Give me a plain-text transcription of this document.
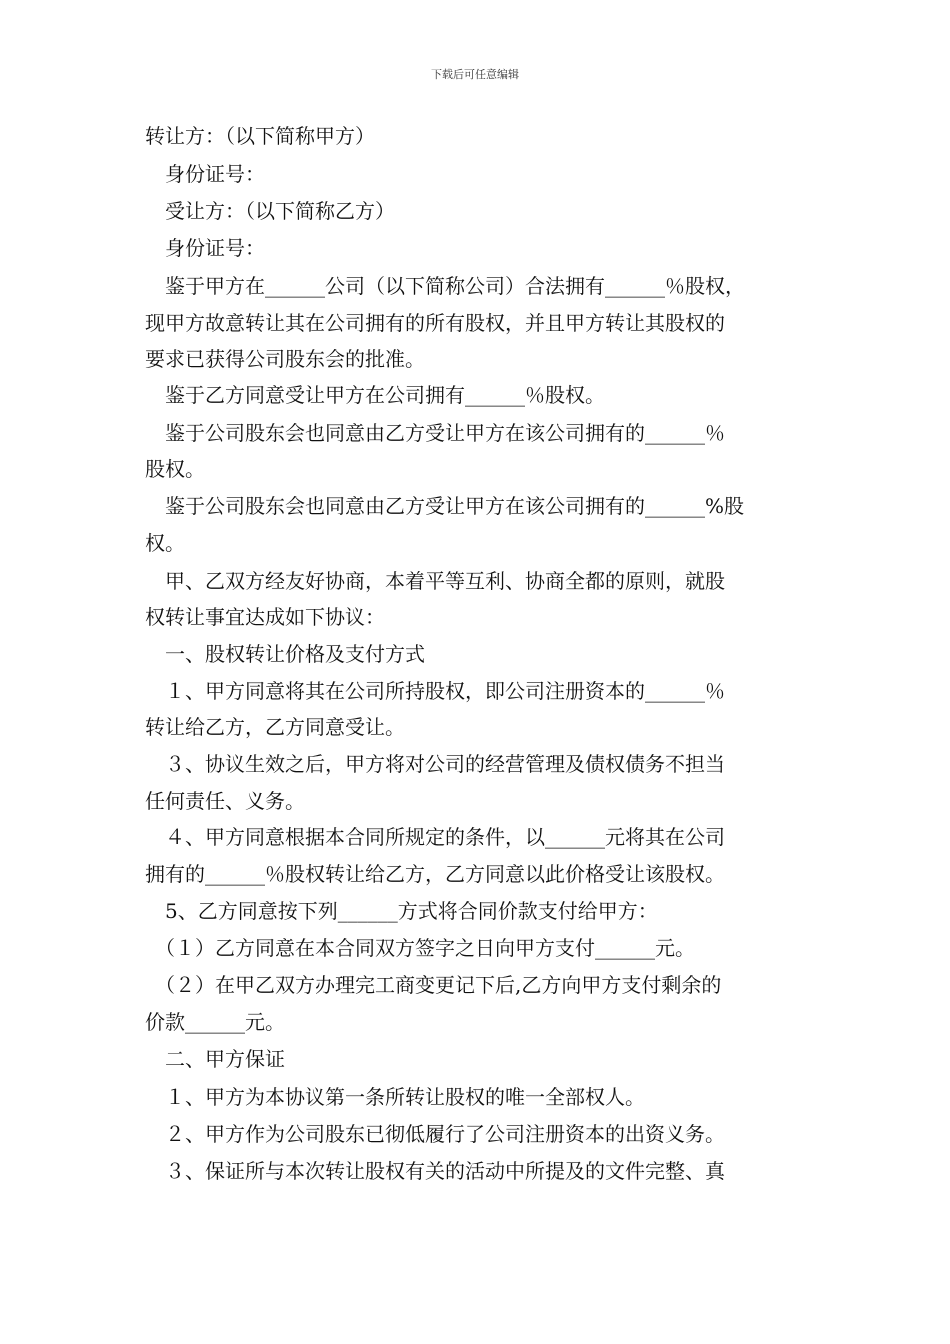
下载后可任意编辑
转让方：（以下简称甲方）
　身份证号：
　受让方：（以下简称乙方）
　身份证号：
　鉴于甲方在______公司（以下简称公司）合法拥有______％股权，
现甲方故意转让其在公司拥有的所有股权，并且甲方转让其股权的
要求已获得公司股东会的批准。
　鉴于乙方同意受让甲方在公司拥有______％股权。
　鉴于公司股东会也同意由乙方受让甲方在该公司拥有的______％
股权。
　鉴于公司股东会也同意由乙方受让甲方在该公司拥有的______%股
权。
　甲、乙双方经友好协商，本着平等互利、协商全都的原则，就股
权转让事宜达成如下协议：
　一、股权转让价格及支付方式
　１、甲方同意将其在公司所持股权，即公司注册资本的______％
转让给乙方，乙方同意受让。
　３、协议生效之后，甲方将对公司的经营管理及债权债务不担当
任何责任、义务。
　４、甲方同意根据本合同所规定的条件，以______元将其在公司
拥有的______％股权转让给乙方，乙方同意以此价格受让该股权。
　5、乙方同意按下列______方式将合同价款支付给甲方：
　（１）乙方同意在本合同双方签字之日向甲方支付______元。
　（２）在甲乙双方办理完工商变更记下后,乙方向甲方支付剩余的
价款______元。
　二、甲方保证
　１、甲方为本协议第一条所转让股权的唯一全部权人。
　２、甲方作为公司股东已彻低履行了公司注册资本的出资义务。
　３、保证所与本次转让股权有关的活动中所提及的文件完整、真
